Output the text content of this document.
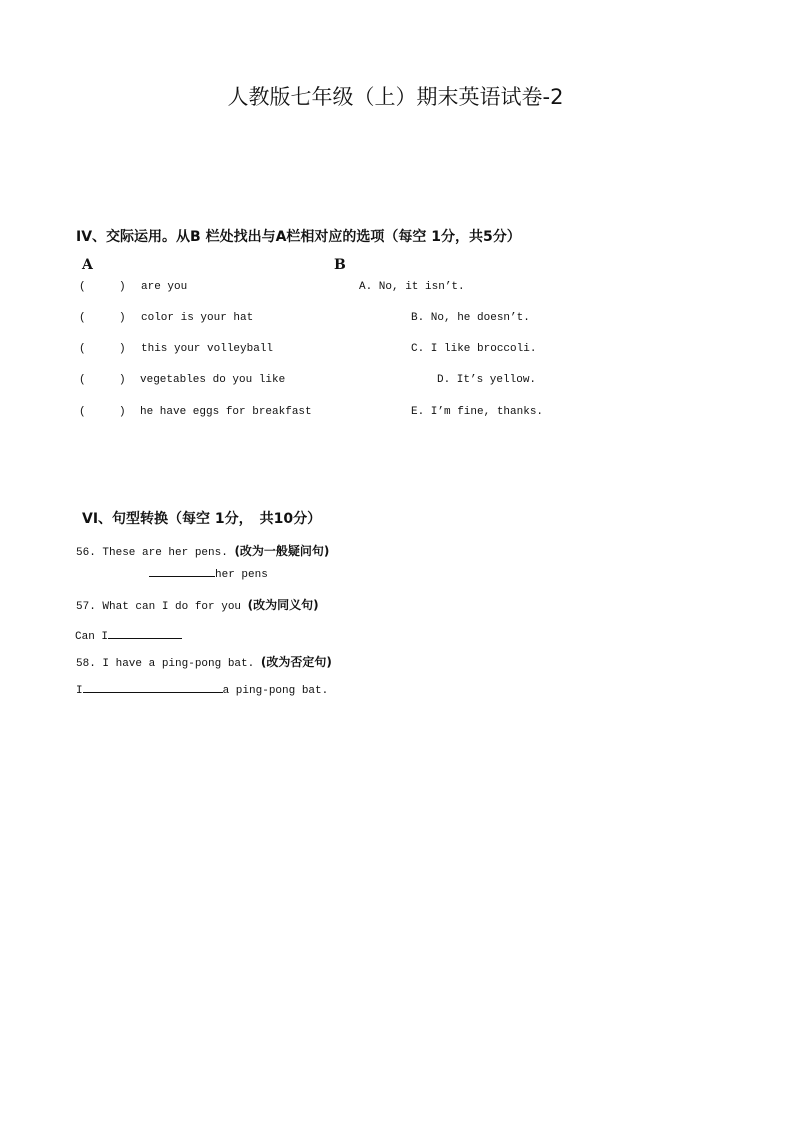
人教版七年级（上）期末英语试卷-2
IV、交际运用。从B 栏处找出与A栏相对应的选项（每空 1分，共5分）
A	B
(	) are you	A. No, it isn’t.
(	) color is your hat	B. No, he doesn’t.
(	) this your volleyball	C. I like broccoli.
(	) vegetables do you like	D. It’s yellow.
(	) he have eggs for breakfast	E. I’m fine, thanks.
VI、句型转换（每空 1分，　共10分）
56. These are her pens. (改为一般疑问句)
her pens
57. What can I do for you (改为同义句)
Can I
58. I have a ping-pong bat. (改为否定句)
I	a ping-pong bat.
